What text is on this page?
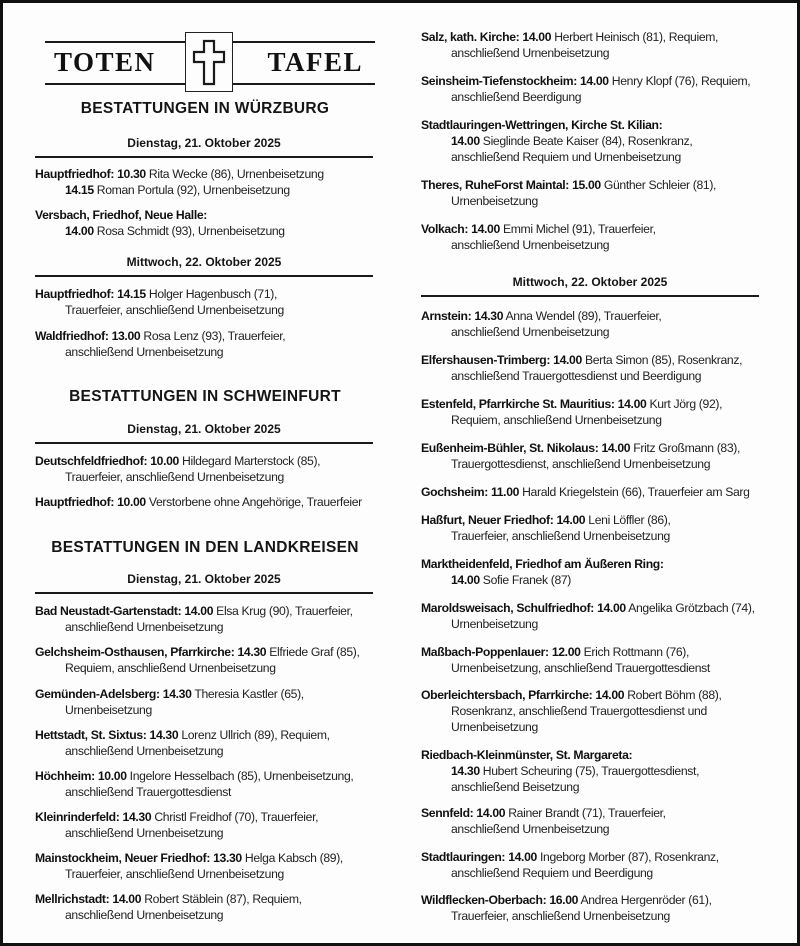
TOTEN	TAFEL
BESTATTUNGEN IN WÜRZBURG
Dienstag, 21. Oktober 2025
Hauptfriedhof: 10.30 Rita Wecke (86), Urnenbeisetzung
14.15 Roman Portula (92), Urnenbeisetzung
Versbach, Friedhof, Neue Halle:
14.00 Rosa Schmidt (93), Urnenbeisetzung
Mittwoch, 22. Oktober 2025
Hauptfriedhof: 14.15 Holger Hagenbusch (71),
Trauerfeier, anschließend Urnenbeisetzung
Waldfriedhof: 13.00 Rosa Lenz (93), Trauerfeier,
anschließend Urnenbeisetzung
BESTATTUNGEN IN SCHWEINFURT
Dienstag, 21. Oktober 2025
Deutschfeldfriedhof: 10.00 Hildegard Marterstock (85),
Trauerfeier, anschließend Urnenbeisetzung
Hauptfriedhof: 10.00 Verstorbene ohne Angehörige, Trauerfeier
BESTATTUNGEN IN DEN LANDKREISEN
Dienstag, 21. Oktober 2025
Bad Neustadt-Gartenstadt: 14.00 Elsa Krug (90), Trauerfeier,
anschließend Urnenbeisetzung
Gelchsheim-Osthausen, Pfarrkirche: 14.30 Elfriede Graf (85),
Requiem, anschließend Urnenbeisetzung
Gemünden-Adelsberg: 14.30 Theresia Kastler (65),
Urnenbeisetzung
Hettstadt, St. Sixtus: 14.30 Lorenz Ullrich (89), Requiem,
anschließend Urnenbeisetzung
Höchheim: 10.00 Ingelore Hesselbach (85), Urnenbeisetzung,
anschließend Trauergottesdienst
Kleinrinderfeld: 14.30 Christl Freidhof (70), Trauerfeier,
anschließend Urnenbeisetzung
Mainstockheim, Neuer Friedhof: 13.30 Helga Kabsch (89),
Trauerfeier, anschließend Urnenbeisetzung
Mellrichstadt: 14.00 Robert Stäblein (87), Requiem,
anschließend Urnenbeisetzung
Salz, kath. Kirche: 14.00 Herbert Heinisch (81), Requiem,
anschließend Urnenbeisetzung
Seinsheim-Tiefenstockheim: 14.00 Henry Klopf (76), Requiem,
anschließend Beerdigung
Stadtlauringen-Wettringen, Kirche St. Kilian:
14.00 Sieglinde Beate Kaiser (84), Rosenkranz,
anschließend Requiem und Urnenbeisetzung
Theres, RuheForst Maintal: 15.00 Günther Schleier (81),
Urnenbeisetzung
Volkach: 14.00 Emmi Michel (91), Trauerfeier,
anschließend Urnenbeisetzung
Mittwoch, 22. Oktober 2025
Arnstein: 14.30 Anna Wendel (89), Trauerfeier,
anschließend Urnenbeisetzung
Elfershausen-Trimberg: 14.00 Berta Simon (85), Rosenkranz,
anschließend Trauergottesdienst und Beerdigung
Estenfeld, Pfarrkirche St. Mauritius: 14.00 Kurt Jörg (92),
Requiem, anschließend Urnenbeisetzung
Eußenheim-Bühler, St. Nikolaus: 14.00 Fritz Großmann (83),
Trauergottesdienst, anschließend Urnenbeisetzung
Gochsheim: 11.00 Harald Kriegelstein (66), Trauerfeier am Sarg
Haßfurt, Neuer Friedhof: 14.00 Leni Löffler (86),
Trauerfeier, anschließend Urnenbeisetzung
Marktheidenfeld, Friedhof am Äußeren Ring:
14.00 Sofie Franek (87)
Maroldsweisach, Schulfriedhof: 14.00 Angelika Grötzbach (74),
Urnenbeisetzung
Maßbach-Poppenlauer: 12.00 Erich Rottmann (76),
Urnenbeisetzung, anschließend Trauergottesdienst
Oberleichtersbach, Pfarrkirche: 14.00 Robert Böhm (88),
Rosenkranz, anschließend Trauergottesdienst und
Urnenbeisetzung
Riedbach-Kleinmünster, St. Margareta:
14.30 Hubert Scheuring (75), Trauergottesdienst,
anschließend Beisetzung
Sennfeld: 14.00 Rainer Brandt (71), Trauerfeier,
anschließend Urnenbeisetzung
Stadtlauringen: 14.00 Ingeborg Morber (87), Rosenkranz,
anschließend Requiem und Beerdigung
Wildflecken-Oberbach: 16.00 Andrea Hergenröder (61),
Trauerfeier, anschließend Urnenbeisetzung
